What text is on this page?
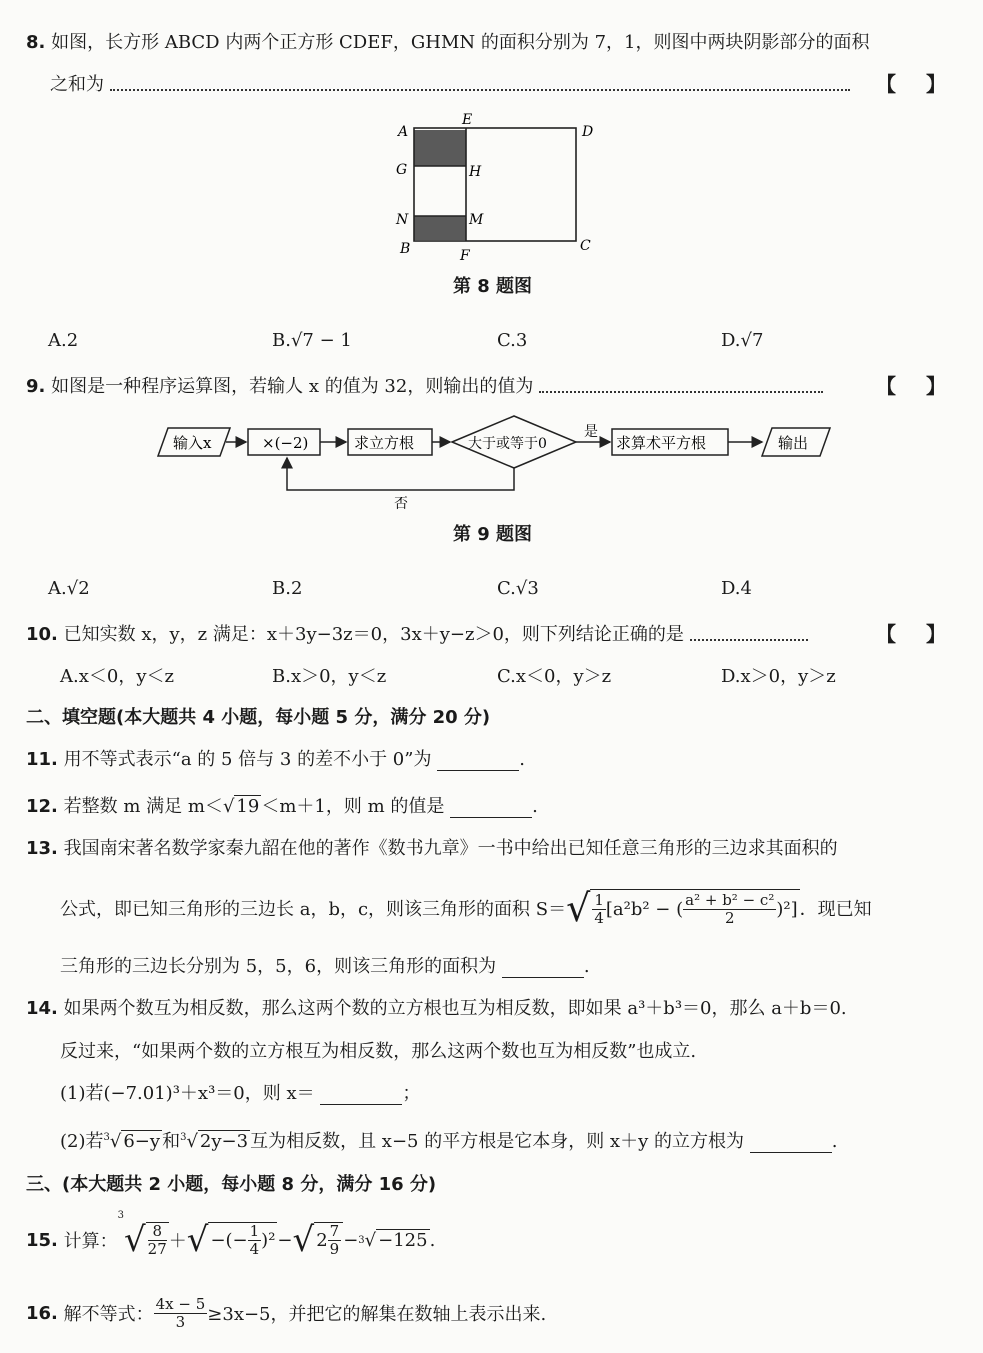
8. 如图，长方形 ABCD 内两个正方形 CDEF，GHMN 的面积分别为 7，1，则图中两块阴影部分的面积
之和为	【 】
A
E
D
G	H
N	M
B	F
C
第 8 题图
A.2	B.√7 − 1	C.3	D.√7
9. 如图是一种程序运算图，若输人 x 的值为 32，则输出的值为	【 】
输入x	×(−2)	求立方根	大于或等于0
是
求算术平方根	输出
否
第 9 题图
A.√2	B.2	C.√3	D.4
10. 已知实数 x，y，z 满足：x＋3y−3z＝0，3x＋y−z＞0，则下列结论正确的是	【 】
A.x＜0，y＜z	B.x＞0，y＜z	C.x＜0，y＞z	D.x＞0，y＞z
二、填空题(本大题共 4 小题，每小题 5 分，满分 20 分)
11. 用不等式表示“a 的 5 倍与 3 的差不小于 0”为	.
12. 若整数 m 满足 m＜√ 19 ＜m＋1，则 m 的值是	.
13. 我国南宋著名数学家秦九韶在他的著作《数书九章》一书中给出已知任意三角形的三边求其面积的
公式，即已知三角形的三边长 a，b，c，则该三角形的面积 S＝ √ $\frac{1}{4} [a^2b^2$ − ( $\frac{\text{a² + b² − c²}}{2} )^2$] ．现已知
三角形的三边长分别为 5，5，6，则该三角形的面积为	.
14. 如果两个数互为相反数，那么这两个数的立方根也互为相反数，即如果 a³＋b³＝0，那么 a＋b＝0.
反过来，“如果两个数的立方根互为相反数，那么这两个数也互为相反数”也成立.
(1)若(−7.01)³＋x³＝0，则 x＝	；
(2)若$^3$√ 6−y 和$^3$√ 2y−3 互为相反数，且 x−5 的平方根是它本身，则 x＋y 的立方根为	.
三、(本大题共 2 小题，每小题 8 分，满分 16 分)
15.
计算：
3
√ $\frac{8}{27}$ ＋ √ −(− $\frac{1}{4} )^2$ − √ $2 \frac{7}{9} - 3$ √ −125 .
16.
解不等式： $\frac{4x - 5}{3} \ge 3x-5$，并把它的解集在数轴上表示出来.
